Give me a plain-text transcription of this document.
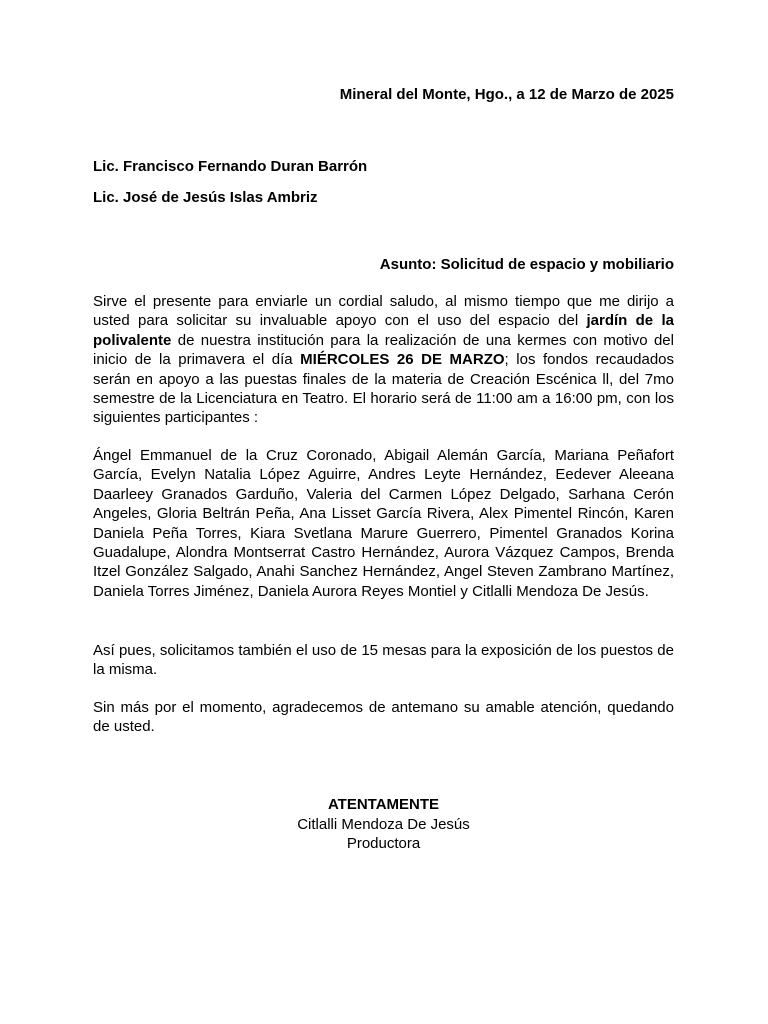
Mineral del Monte, Hgo., a 12 de Marzo de 2025
Lic. Francisco Fernando Duran Barrón
Lic. José de Jesús Islas Ambriz
Asunto: Solicitud de espacio y mobiliario

Sirve el presente para enviarle un cordial saludo, al mismo tiempo que me dirijo a usted para solicitar su invaluable apoyo con el uso del espacio del jardín de la polivalente de nuestra institución para la realización de una kermes con motivo del inicio de la primavera el día MIÉRCOLES 26 DE MARZO; los fondos recaudados serán en apoyo a las puestas finales de la materia de Creación Escénica ll, del 7mo semestre de la Licenciatura en Teatro. El horario será de 11:00 am a 16:00 pm, con los siguientes participantes :

Ángel Emmanuel de la Cruz Coronado, Abigail Alemán García, Mariana Peñafort García, Evelyn Natalia López Aguirre, Andres Leyte Hernández, Eedever Aleeana Daarleey Granados Garduño, Valeria del Carmen López Delgado, Sarhana Cerón Angeles, Gloria Beltrán Peña, Ana Lisset García Rivera, Alex Pimentel Rincón, Karen Daniela Peña Torres, Kiara Svetlana Marure Guerrero, Pimentel Granados Korina Guadalupe, Alondra Montserrat Castro Hernández, Aurora Vázquez Campos, Brenda Itzel González Salgado, Anahi Sanchez Hernández, Angel Steven Zambrano Martínez, Daniela Torres Jiménez, Daniela Aurora Reyes Montiel y Citlalli Mendoza De Jesús.

Así pues, solicitamos también el uso de 15 mesas para la exposición de los puestos de la misma.

Sin más por el momento, agradecemos de antemano su amable atención, quedando de usted.

ATENTAMENTE
Citlalli Mendoza De Jesús
Productora
